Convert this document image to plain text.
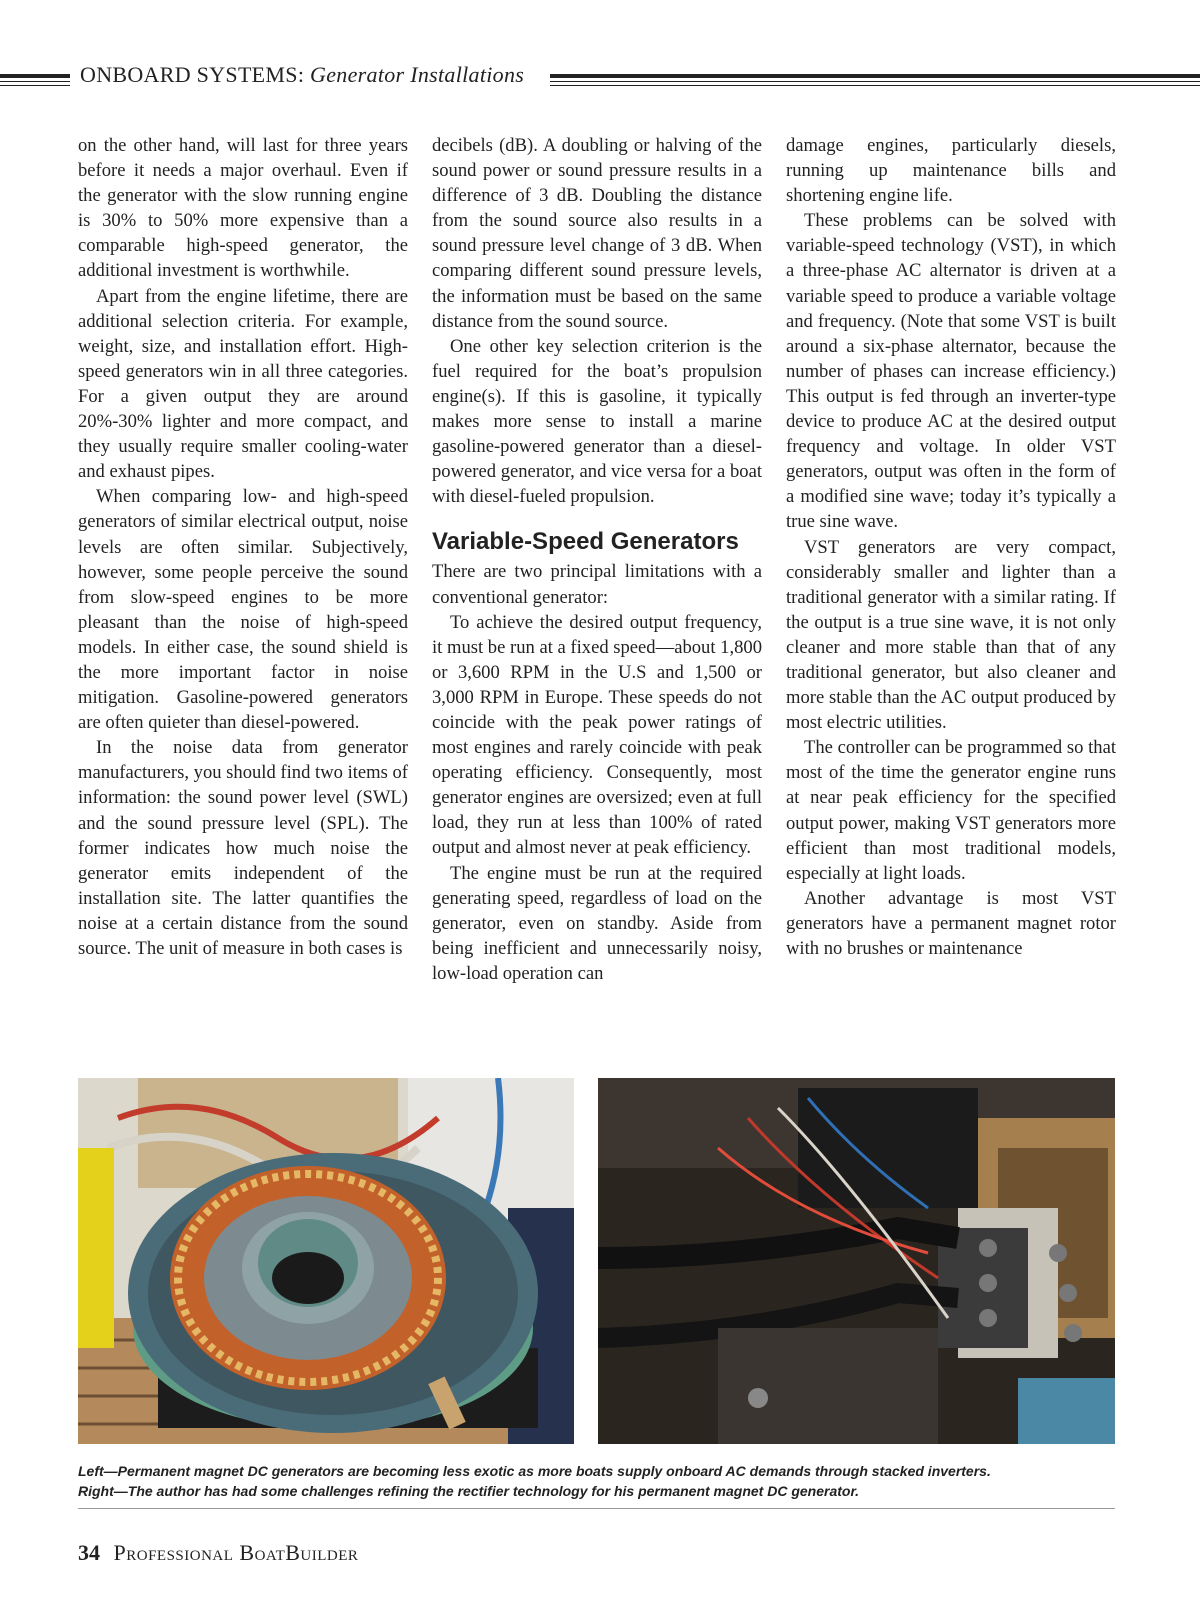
ONBOARD SYSTEMS: Generator Installations

on the other hand, will last for three years before it needs a major overhaul. Even if the generator with the slow running engine is 30% to 50% more expensive than a comparable high-speed generator, the additional investment is worthwhile.

Apart from the engine lifetime, there are additional selection criteria. For example, weight, size, and installation effort. High-speed generators win in all three categories. For a given output they are around 20%-30% lighter and more compact, and they usually require smaller cooling-water and exhaust pipes.

When comparing low- and high-speed generators of similar electrical output, noise levels are often similar. Subjectively, however, some people perceive the sound from slow-speed engines to be more pleasant than the noise of high-speed models. In either case, the sound shield is the more important factor in noise mitigation. Gasoline-powered generators are often quieter than diesel-powered.

In the noise data from generator manufacturers, you should find two items of information: the sound power level (SWL) and the sound pressure level (SPL). The former indicates how much noise the generator emits independent of the installation site. The latter quantifies the noise at a certain distance from the sound source. The unit of measure in both cases is

decibels (dB). A doubling or halving of the sound power or sound pressure results in a difference of 3 dB. Doubling the distance from the sound source also results in a sound pressure level change of 3 dB. When comparing different sound pressure levels, the information must be based on the same distance from the sound source.

One other key selection criterion is the fuel required for the boat’s propulsion engine(s). If this is gasoline, it typically makes more sense to install a marine gasoline-powered generator than a diesel-powered generator, and vice versa for a boat with diesel-fueled propulsion.

Variable-Speed Generators

There are two principal limitations with a conventional generator:

To achieve the desired output frequency, it must be run at a fixed speed—about 1,800 or 3,600 RPM in the U.S and 1,500 or 3,000 RPM in Europe. These speeds do not coincide with the peak power ratings of most engines and rarely coincide with peak operating efficiency. Consequently, most generator engines are oversized; even at full load, they run at less than 100% of rated output and almost never at peak efficiency.

The engine must be run at the required generating speed, regardless of load on the generator, even on standby. Aside from being inefficient and unnecessarily noisy, low-load operation can

damage engines, particularly diesels, running up maintenance bills and shortening engine life.

These problems can be solved with variable-speed technology (VST), in which a three-phase AC alternator is driven at a variable speed to produce a variable voltage and frequency. (Note that some VST is built around a six-phase alternator, because the number of phases can increase efficiency.) This output is fed through an inverter-type device to produce AC at the desired output frequency and voltage. In older VST generators, output was often in the form of a modified sine wave; today it’s typically a true sine wave.

VST generators are very compact, considerably smaller and lighter than a traditional generator with a similar rating. If the output is a true sine wave, it is not only cleaner and more stable than that of any traditional generator, but also cleaner and more stable than the AC output produced by most electric utilities.

The controller can be programmed so that most of the time the generator engine runs at near peak efficiency for the specified output power, making VST generators more efficient than most traditional models, especially at light loads.

Another advantage is most VST generators have a permanent magnet rotor with no brushes or maintenance

Left—Permanent magnet DC generators are becoming less exotic as more boats supply onboard AC demands through stacked inverters.
Right—The author has had some challenges refining the rectifier technology for his permanent magnet DC generator.
34 Professional BoatBuilder
